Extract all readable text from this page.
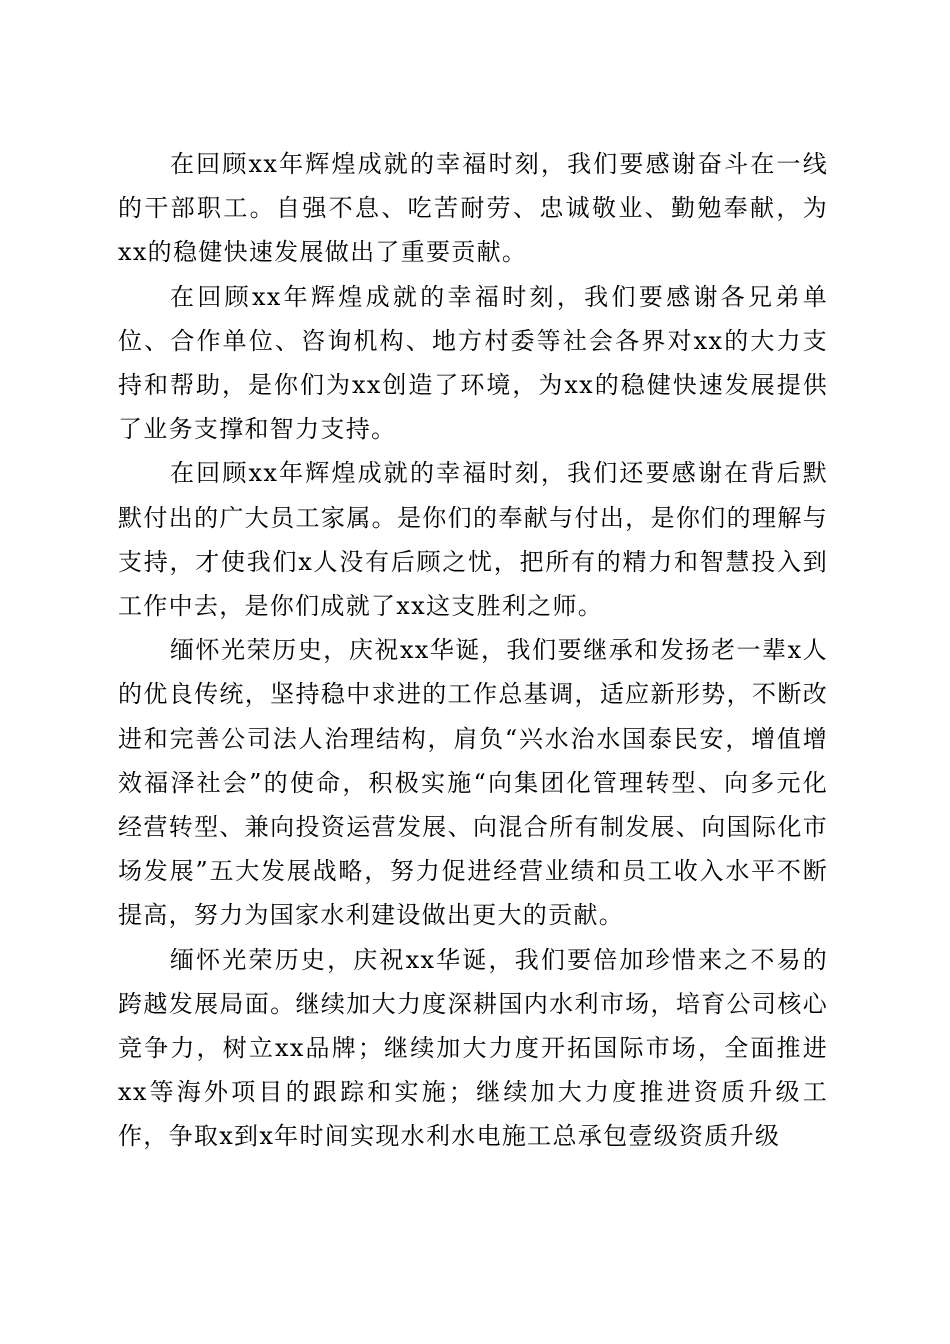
在回顾xx年辉煌成就的幸福时刻，我们要感谢奋斗在一线的干部职工。自强不息、吃苦耐劳、忠诚敬业、勤勉奉献，为xx的稳健快速发展做出了重要贡献。

在回顾xx年辉煌成就的幸福时刻，我们要感谢各兄弟单位、合作单位、咨询机构、地方村委等社会各界对xx的大力支持和帮助，是你们为xx创造了环境，为xx的稳健快速发展提供了业务支撑和智力支持。

在回顾xx年辉煌成就的幸福时刻，我们还要感谢在背后默默付出的广大员工家属。是你们的奉献与付出，是你们的理解与支持，才使我们x人没有后顾之忧，把所有的精力和智慧投入到工作中去，是你们成就了xx这支胜利之师。

缅怀光荣历史，庆祝xx华诞，我们要继承和发扬老一辈x人的优良传统，坚持稳中求进的工作总基调，适应新形势，不断改进和完善公司法人治理结构，肩负“兴水治水国泰民安，增值增效福泽社会”的使命，积极实施“向集团化管理转型、向多元化经营转型、兼向投资运营发展、向混合所有制发展、向国际化市场发展”五大发展战略，努力促进经营业绩和员工收入水平不断提高，努力为国家水利建设做出更大的贡献。

缅怀光荣历史，庆祝xx华诞，我们要倍加珍惜来之不易的跨越发展局面。继续加大力度深耕国内水利市场，培育公司核心竞争力，树立xx品牌；继续加大力度开拓国际市场，全面推进xx等海外项目的跟踪和实施；继续加大力度推进资质升级工作，争取x到x年时间实现水利水电施工总承包壹级资质升级
